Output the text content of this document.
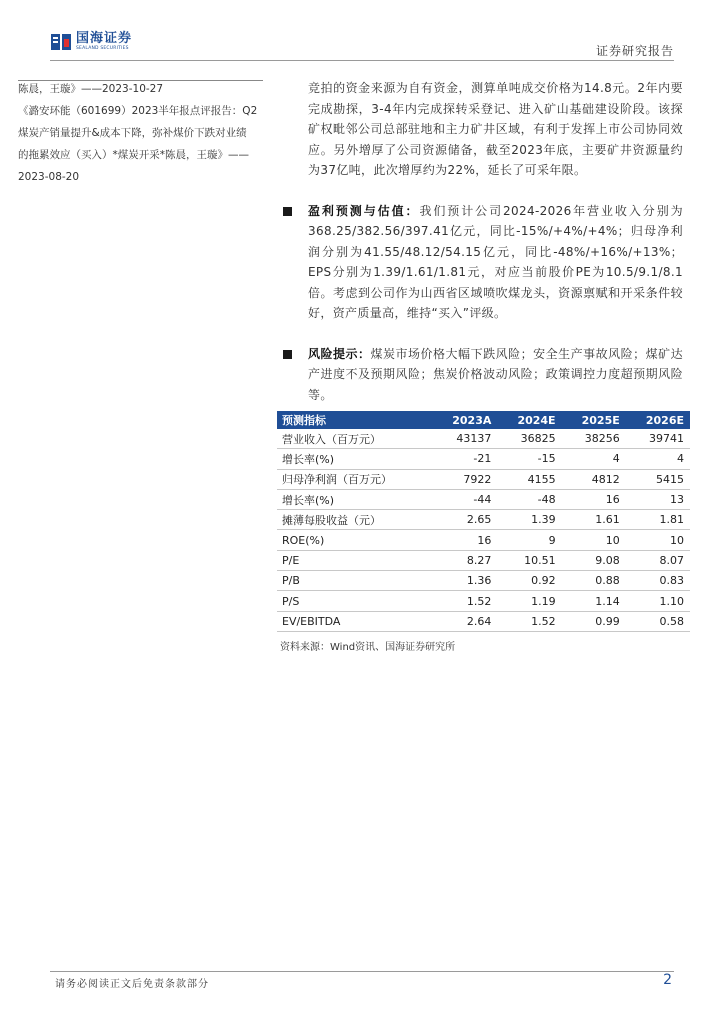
国海证券
SEALAND SECURITIES	证券研究报告
陈晨，王璇》——2023-10-27
《潞安环能（601699）2023半年报点评报告：Q2
煤炭产销量提升&成本下降，弥补煤价下跌对业绩
的拖累效应（买入）*煤炭开采*陈晨，王璇》——
2023-08-20
竞拍的资金来源为自有资金，测算单吨成交价格为14.8元。2年内要完成勘探，3-4年内完成探转采登记、进入矿山基础建设阶段。该探矿权毗邻公司总部驻地和主力矿井区域，有利于发挥上市公司协同效应。另外增厚了公司资源储备，截至2023年底，主要矿井资源量约为37亿吨，此次增厚约为22%，延长了可采年限。
盈利预测与估值：我们预计公司2024-2026年营业收入分别为368.25/382.56/397.41亿元，同比-15%/+4%/+4%；归母净利润分别为41.55/48.12/54.15亿元，同比-48%/+16%/+13%；EPS分别为1.39/1.61/1.81元，对应当前股价PE为10.5/9.1/8.1倍。考虑到公司作为山西省区域喷吹煤龙头，资源禀赋和开采条件较好，资产质量高，维持“买入”评级。
风险提示：煤炭市场价格大幅下跌风险；安全生产事故风险；煤矿达产进度不及预期风险；焦炭价格波动风险；政策调控力度超预期风险等。
预测指标	2023A	2024E	2025E	2026E
营业收入（百万元）	43137	36825	38256	39741
增长率(%)	-21	-15	4	4
归母净利润（百万元）	7922	4155	4812	5415
增长率(%)	-44	-48	16	13
摊薄每股收益（元）	2.65	1.39	1.61	1.81
ROE(%)	16	9	10	10
P/E	8.27	10.51	9.08	8.07
P/B	1.36	0.92	0.88	0.83
P/S	1.52	1.19	1.14	1.10
EV/EBITDA	2.64	1.52	0.99	0.58
资料来源：Wind资讯、国海证券研究所
请务必阅读正文后免责条款部分	2
